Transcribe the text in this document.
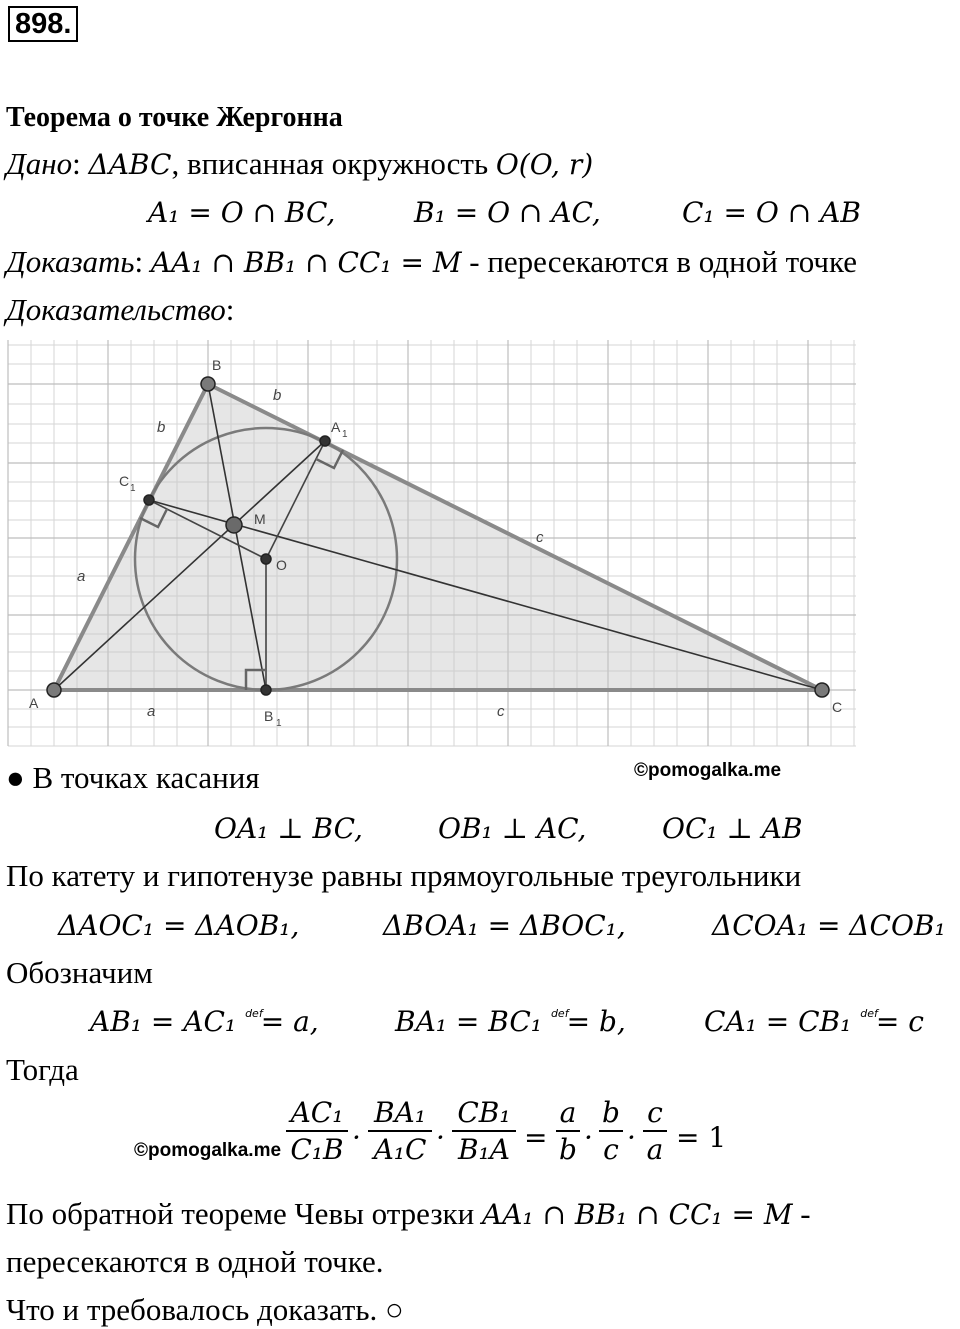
898.
Теорема о точке Жергонна
Дано: ΔABC, вписанная окружность O(O, r)
A₁ = O ∩ BC,	B₁ = O ∩ AC,	C₁ = O ∩ AB
Доказать: AA₁ ∩ BB₁ ∩ CC₁ = M - пересекаются в одной точке
Доказательство:
A
B
C
M
O
A 1
C 1
B 1
b
b
a
a
c
c
● В точках касания	©pomogalka.me
OA₁ ⊥ BC,	OB₁ ⊥ AC,	OC₁ ⊥ AB
По катету и гипотенузе равны прямоугольные треугольники
ΔAOC₁ = ΔAOB₁,	ΔBOA₁ = ΔBOC₁,	ΔCOA₁ = ΔCOB₁
Обозначим
AB₁ = AC₁ $^{def}$= a,	BA₁ = BC₁ $^{def}$= b,	CA₁ = CB₁ $^{def}$= c
Тогда
©pomogalka.me
AC₁
C₁B ·
BA₁
A₁C ·
CB₁
B₁A =
a
b ·
b
c ·
c
a = 1
По обратной теореме Чевы отрезки AA₁ ∩ BB₁ ∩ CC₁ = M -
пересекаются в одной точке.
Что и требовалось доказать. ○
